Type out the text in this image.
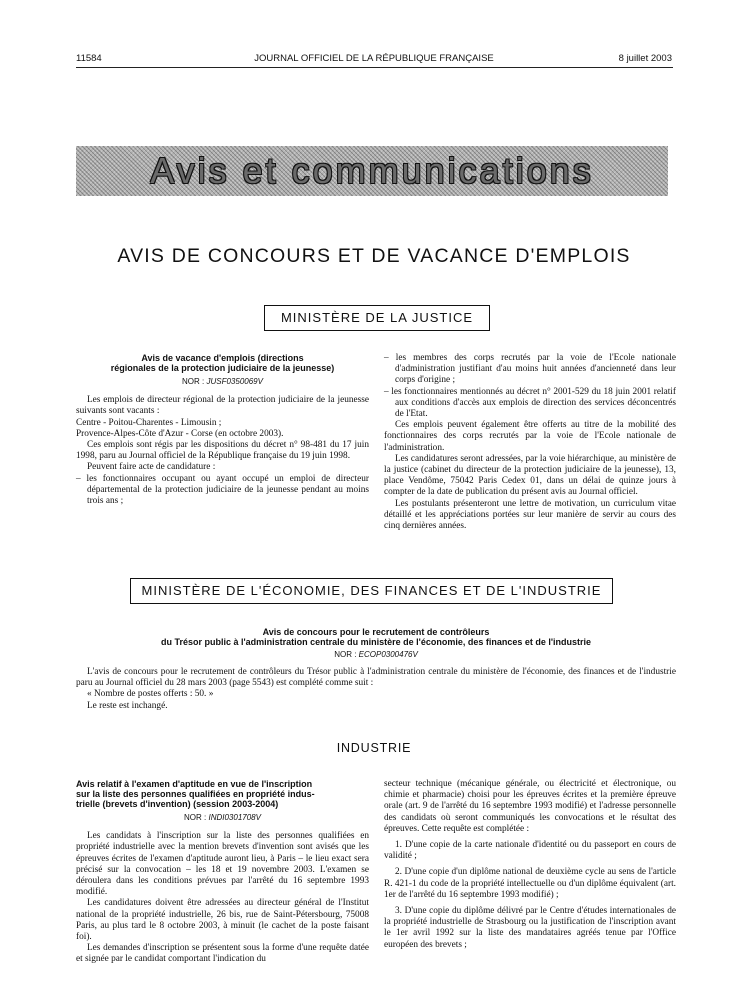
11584	JOURNAL OFFICIEL DE LA RÉPUBLIQUE FRANÇAISE	8 juillet 2003
Avis et communications
AVIS DE CONCOURS ET DE VACANCE D'EMPLOIS
MINISTÈRE DE LA JUSTICE
Avis de vacance d'emplois (directions
régionales de la protection judiciaire de la jeunesse)
NOR : JUSF0350069V

Les emplois de directeur régional de la protection judiciaire de la jeunesse suivants sont vacants :

Centre - Poitou-Charentes - Limousin ;

Provence-Alpes-Côte d'Azur - Corse (en octobre 2003).

Ces emplois sont régis par les dispositions du décret n° 98-481 du 17 juin 1998, paru au Journal officiel de la République française du 19 juin 1998.

Peuvent faire acte de candidature :

– les fonctionnaires occupant ou ayant occupé un emploi de directeur départemental de la protection judiciaire de la jeunesse pendant au moins trois ans ;

– les membres des corps recrutés par la voie de l'Ecole nationale d'administration justifiant d'au moins huit années d'ancienneté dans leur corps d'origine ;

– les fonctionnaires mentionnés au décret n° 2001-529 du 18 juin 2001 relatif aux conditions d'accès aux emplois de direction des services déconcentrés de l'Etat.

Ces emplois peuvent également être offerts au titre de la mobilité des fonctionnaires des corps recrutés par la voie de l'Ecole nationale de l'administration.

Les candidatures seront adressées, par la voie hiérarchique, au ministère de la justice (cabinet du directeur de la protection judiciaire de la jeunesse), 13, place Vendôme, 75042 Paris Cedex 01, dans un délai de quinze jours à compter de la date de publication du présent avis au Journal officiel.

Les postulants présenteront une lettre de motivation, un curriculum vitae détaillé et les appréciations portées sur leur manière de servir au cours des cinq dernières années.

MINISTÈRE DE L'ÉCONOMIE, DES FINANCES ET DE L'INDUSTRIE
Avis de concours pour le recrutement de contrôleurs
du Trésor public à l'administration centrale du ministère de l'économie, des finances et de l'industrie
NOR : ECOP0300476V

L'avis de concours pour le recrutement de contrôleurs du Trésor public à l'administration centrale du ministère de l'économie, des finances et de l'industrie paru au Journal officiel du 28 mars 2003 (page 5543) est complété comme suit :

« Nombre de postes offerts : 50. »

Le reste est inchangé.

INDUSTRIE
Avis relatif à l'examen d'aptitude en vue de l'inscription
sur la liste des personnes qualifiées en propriété indus-
trielle (brevets d'invention) (session 2003-2004)
NOR : INDI0301708V

Les candidats à l'inscription sur la liste des personnes qualifiées en propriété industrielle avec la mention brevets d'invention sont avisés que les épreuves écrites de l'examen d'aptitude auront lieu, à Paris – le lieu exact sera précisé sur la convocation – les 18 et 19 novembre 2003. L'examen se déroulera dans les conditions prévues par l'arrêté du 16 septembre 1993 modifié.

Les candidatures doivent être adressées au directeur général de l'Institut national de la propriété industrielle, 26 bis, rue de Saint-Pétersbourg, 75008 Paris, au plus tard le 8 octobre 2003, à minuit (le cachet de la poste faisant foi).

Les demandes d'inscription se présentent sous la forme d'une requête datée et signée par le candidat comportant l'indication du

secteur technique (mécanique générale, ou électricité et électronique, ou chimie et pharmacie) choisi pour les épreuves écrites et la première épreuve orale (art. 9 de l'arrêté du 16 septembre 1993 modifié) et l'adresse personnelle des candidats où seront communiqués les convocations et le résultat des épreuves. Cette requête est complétée :

1. D'une copie de la carte nationale d'identité ou du passeport en cours de validité ;

2. D'une copie d'un diplôme national de deuxième cycle au sens de l'article R. 421-1 du code de la propriété intellectuelle ou d'un diplôme équivalent (art. 1er de l'arrêté du 16 septembre 1993 modifié) ;

3. D'une copie du diplôme délivré par le Centre d'études internationales de la propriété industrielle de Strasbourg ou la justification de l'inscription avant le 1er avril 1992 sur la liste des mandataires agréés tenue par l'Office européen des brevets ;
